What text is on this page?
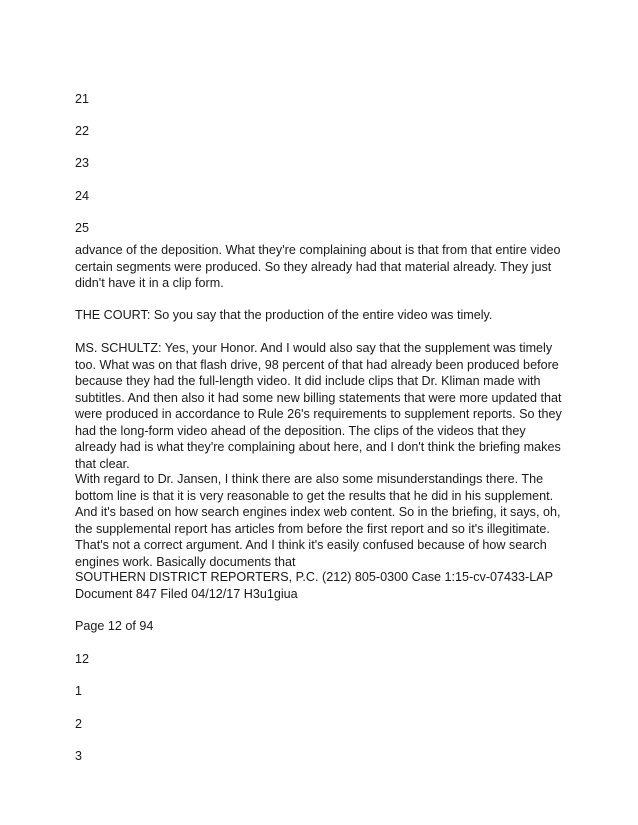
21

22

23

24

25

advance of the deposition. What they're complaining about is that from that entire video certain segments were produced. So they already had that material already. They just didn't have it in a clip form.

THE COURT: So you say that the production of the entire video was timely.

MS. SCHULTZ: Yes, your Honor. And I would also say that the supplement was timely too. What was on that flash drive, 98 percent of that had already been produced before because they had the full-length video. It did include clips that Dr. Kliman made with subtitles. And then also it had some new billing statements that were more updated that were produced in accordance to Rule 26's requirements to supplement reports. So they had the long-form video ahead of the deposition. The clips of the videos that they already had is what they're complaining about here, and I don't think the briefing makes that clear.

With regard to Dr. Jansen, I think there are also some misunderstandings there. The bottom line is that it is very reasonable to get the results that he did in his supplement. And it's based on how search engines index web content. So in the briefing, it says, oh, the supplemental report has articles from before the first report and so it's illegitimate. That's not a correct argument. And I think it's easily confused because of how search engines work. Basically documents that

SOUTHERN DISTRICT REPORTERS, P.C. (212) 805-0300 Case 1:15-cv-07433-LAP Document 847 Filed 04/12/17 H3u1giua

Page 12 of 94

12

1

2

3
